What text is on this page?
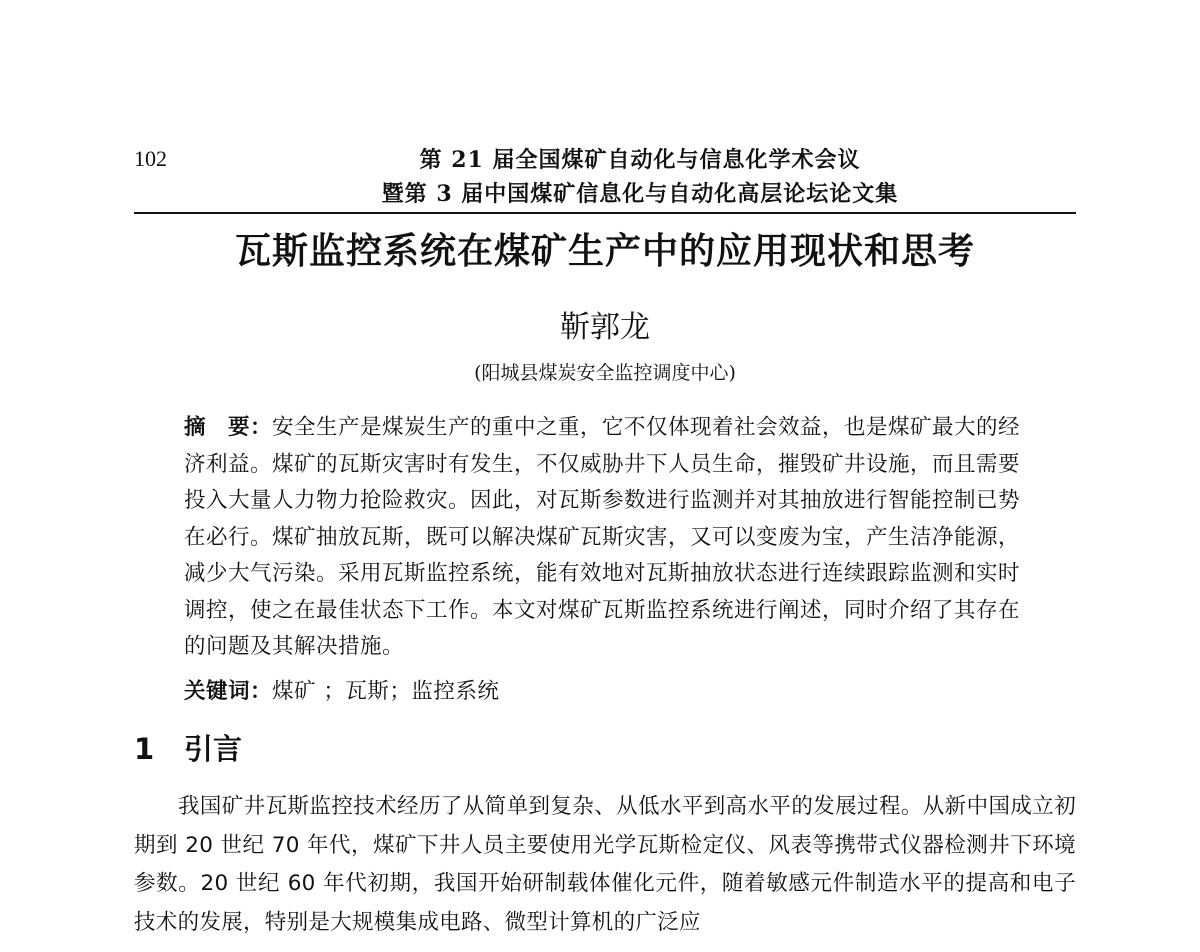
102	第 21 届全国煤矿自动化与信息化学术会议
暨第 3 届中国煤矿信息化与自动化高层论坛论文集
瓦斯监控系统在煤矿生产中的应用现状和思考
靳郭龙
(阳城县煤炭安全监控调度中心)
摘　要：安全生产是煤炭生产的重中之重，它不仅体现着社会效益，也是煤矿最大的经济利益。煤矿的瓦斯灾害时有发生，不仅威胁井下人员生命，摧毁矿井设施，而且需要投入大量人力物力抢险救灾。因此，对瓦斯参数进行监测并对其抽放进行智能控制已势在必行。煤矿抽放瓦斯，既可以解决煤矿瓦斯灾害，又可以变废为宝，产生洁净能源，减少大气污染。采用瓦斯监控系统，能有效地对瓦斯抽放状态进行连续跟踪监测和实时调控，使之在最佳状态下工作。本文对煤矿瓦斯监控系统进行阐述，同时介绍了其存在的问题及其解决措施。
关键词：煤矿 ；瓦斯；监控系统
1 引言

我国矿井瓦斯监控技术经历了从简单到复杂、从低水平到高水平的发展过程。从新中国成立初期到 20 世纪 70 年代，煤矿下井人员主要使用光学瓦斯检定仪、风表等携带式仪器检测井下环境参数。20 世纪 60 年代初期，我国开始研制载体催化元件，随着敏感元件制造水平的提高和电子技术的发展，特别是大规模集成电路、微型计算机的广泛应
